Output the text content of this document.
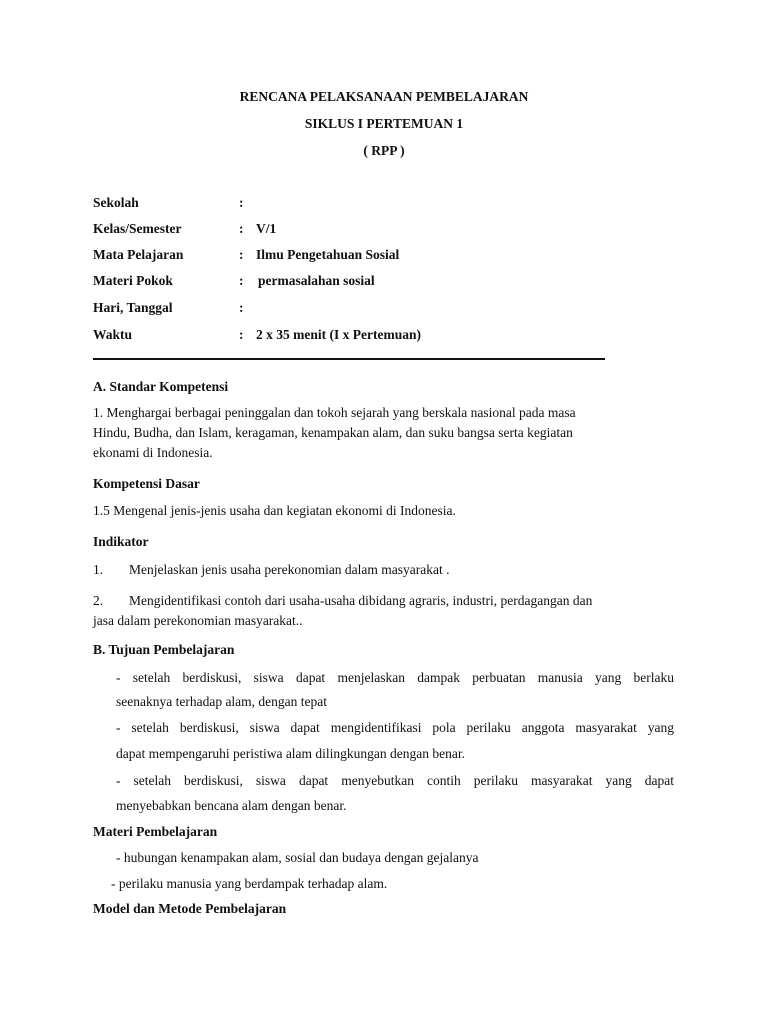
RENCANA PELAKSANAAN PEMBELAJARAN
SIKLUS I PERTEMUAN 1
( RPP )
Sekolah	:
Kelas/Semester	: V/1
Mata Pelajaran	: Ilmu Pengetahuan Sosial
Materi Pokok	: permasalahan sosial
Hari, Tanggal	:
Waktu	: 2 x 35 menit (I x Pertemuan)
A. Standar Kompetensi
1. Menghargai berbagai peninggalan dan tokoh sejarah yang berskala nasional pada masa
Hindu, Budha, dan Islam, keragaman, kenampakan alam, dan suku bangsa serta kegiatan
ekonami di Indonesia.
Kompetensi Dasar
1.5 Mengenal jenis-jenis usaha dan kegiatan ekonomi di Indonesia.
Indikator
1. Menjelaskan jenis usaha perekonomian dalam masyarakat .
2. Mengidentifikasi contoh dari usaha-usaha dibidang agraris, industri, perdagangan dan
jasa dalam perekonomian masyarakat..
B. Tujuan Pembelajaran
- setelah berdiskusi, siswa dapat menjelaskan dampak perbuatan manusia yang berlaku
seenaknya terhadap alam, dengan tepat
- setelah berdiskusi, siswa dapat mengidentifikasi pola perilaku anggota masyarakat yang
dapat mempengaruhi peristiwa alam dilingkungan dengan benar.
- setelah berdiskusi, siswa dapat menyebutkan contih perilaku masyarakat yang dapat
menyebabkan bencana alam dengan benar.
Materi Pembelajaran
- hubungan kenampakan alam, sosial dan budaya dengan gejalanya
- perilaku manusia yang berdampak terhadap alam.
Model dan Metode Pembelajaran
